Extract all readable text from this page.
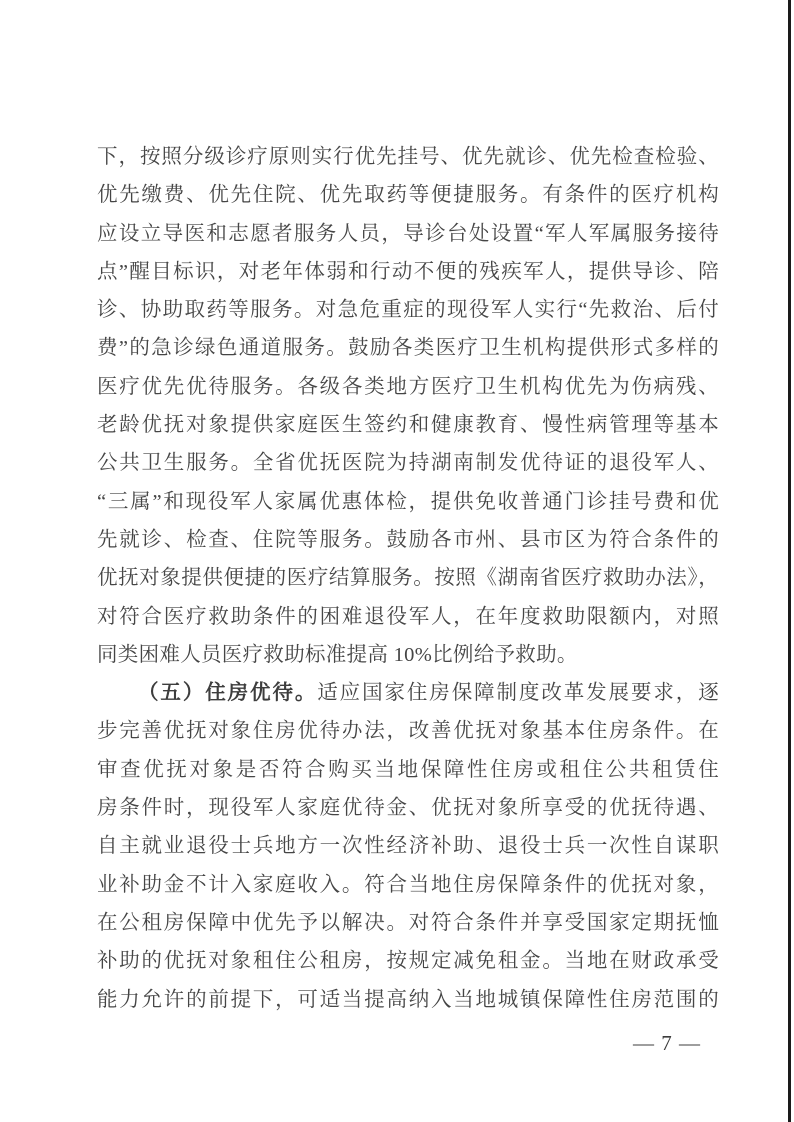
下，按照分级诊疗原则实行优先挂号、优先就诊、优先检查检验、
优先缴费、优先住院、优先取药等便捷服务。有条件的医疗机构
应设立导医和志愿者服务人员，导诊台处设置“军人军属服务接待
点”醒目标识，对老年体弱和行动不便的残疾军人，提供导诊、陪
诊、协助取药等服务。对急危重症的现役军人实行“先救治、后付
费”的急诊绿色通道服务。鼓励各类医疗卫生机构提供形式多样的
医疗优先优待服务。各级各类地方医疗卫生机构优先为伤病残、
老龄优抚对象提供家庭医生签约和健康教育、慢性病管理等基本
公共卫生服务。全省优抚医院为持湖南制发优待证的退役军人、
“三属”和现役军人家属优惠体检，提供免收普通门诊挂号费和优
先就诊、检查、住院等服务。鼓励各市州、县市区为符合条件的
优抚对象提供便捷的医疗结算服务。按照《湖南省医疗救助办法》，
对符合医疗救助条件的困难退役军人，在年度救助限额内，对照
同类困难人员医疗救助标准提高 10%比例给予救助。
（五）住房优待。适应国家住房保障制度改革发展要求，逐
步完善优抚对象住房优待办法，改善优抚对象基本住房条件。在
审查优抚对象是否符合购买当地保障性住房或租住公共租赁住
房条件时，现役军人家庭优待金、优抚对象所享受的优抚待遇、
自主就业退役士兵地方一次性经济补助、退役士兵一次性自谋职
业补助金不计入家庭收入。符合当地住房保障条件的优抚对象，
在公租房保障中优先予以解决。对符合条件并享受国家定期抚恤
补助的优抚对象租住公租房，按规定减免租金。当地在财政承受
能力允许的前提下，可适当提高纳入当地城镇保障性住房范围的
— 7 —
